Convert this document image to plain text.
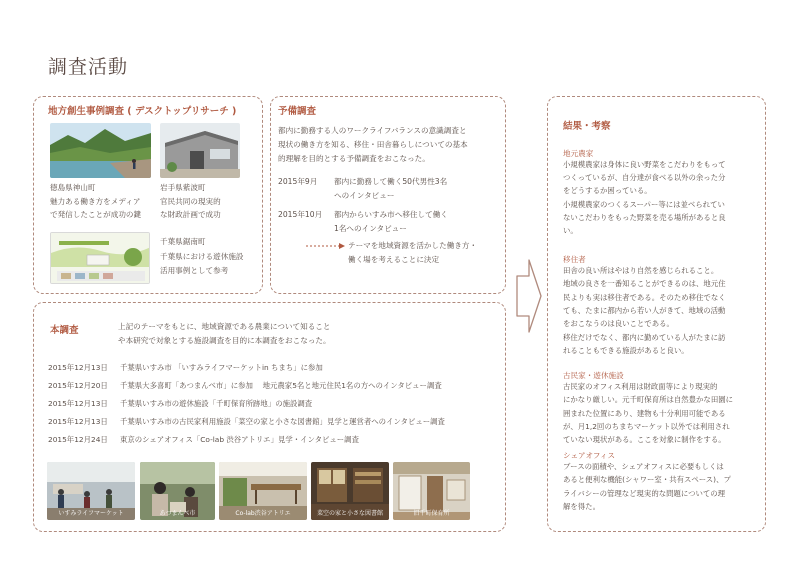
調査活動
地方創生事例調査 ( デスクトップリサーチ )
徳島県神山町
魅力ある働き方をメディア
で発信したことが成功の鍵
岩手県紫波町
官民共同の現実的
な財政計画で成功
千葉県鋸南町
千葉県における遊休施設
活用事例として参考
予備調査
都内に勤務する人のワークライフバランスの意識調査と
現状の働き方を知る、移住・田舎暮らしについての基本
的理解を目的とする予備調査をおこなった。
2015年9月 都内に勤務して働く50代男性3名
へのインタビュー
2015年10月 都内からいすみ市へ移住して働く
1名へのインタビュー
テーマを地域資源を活かした働き方・
働く場を考えることに決定
本調査	上記のテーマをもとに、地域資源である農業について知ること
や本研究で対象とする施設調査を目的に本調査をおこなった。
2015年12月13日 千葉県いすみ市 「いすみライフマーケットin ちまち」に参加
2015年12月20日 千葉県大多喜町「あつまんべ市」に参加　 地元農家5名と地元住民1名の方へのインタビュー調査
2015年12月13日 千葉県いすみ市の遊休施設「千町保育所跡地」の施設調査
2015年12月13日 千葉県いすみ市の古民家利用施設「菜空の家と小さな図書館」見学と運営者へのインタビュー調査
2015年12月24日 東京のシェアオフィス「Co-lab 渋谷アトリエ」見学・インタビュー調査
いすみライフマーケット	あつまんべ市	Co-lab渋谷アトリエ	菜空の家と小さな図書館	旧千町保育所
結果・考察
地元農家
小規模農家は身体に良い野菜をこだわりをもって
つくっているが、自分達が食べる以外の余った分
をどうするか困っている。
小規模農家のつくるスーパー等には並べられてい
ないこだわりをもった野菜を売る場所があると良
い。
移住者
田舎の良い所はやはり自然を感じられること。
地域の良さを一番知ることができるのは、地元住
民よりも実は移住者である。そのため移住でなく
ても、たまに都内から若い人がきて、地域の活動
をおこなうのは良いことである。
移住だけでなく、都内に勤めている人がたまに訪
れることもできる施設があると良い。
古民家・遊休施設
古民家のオフィス利用は財政面等により現実的
にかなり厳しい。元千町保育所は自然豊かな田園に
囲まれた位置にあり、建物も十分利用可能である
が、月1,2回のちまちマーケット以外では利用され
ていない現状がある。ここを対象に制作をする。
シェアオフィス
ブースの面積や、シェアオフィスに必要もしくは
あると便利な機能(シャワー室・共有スペース)、プ
ライバシーの管理など現実的な問題についての理
解を得た。
